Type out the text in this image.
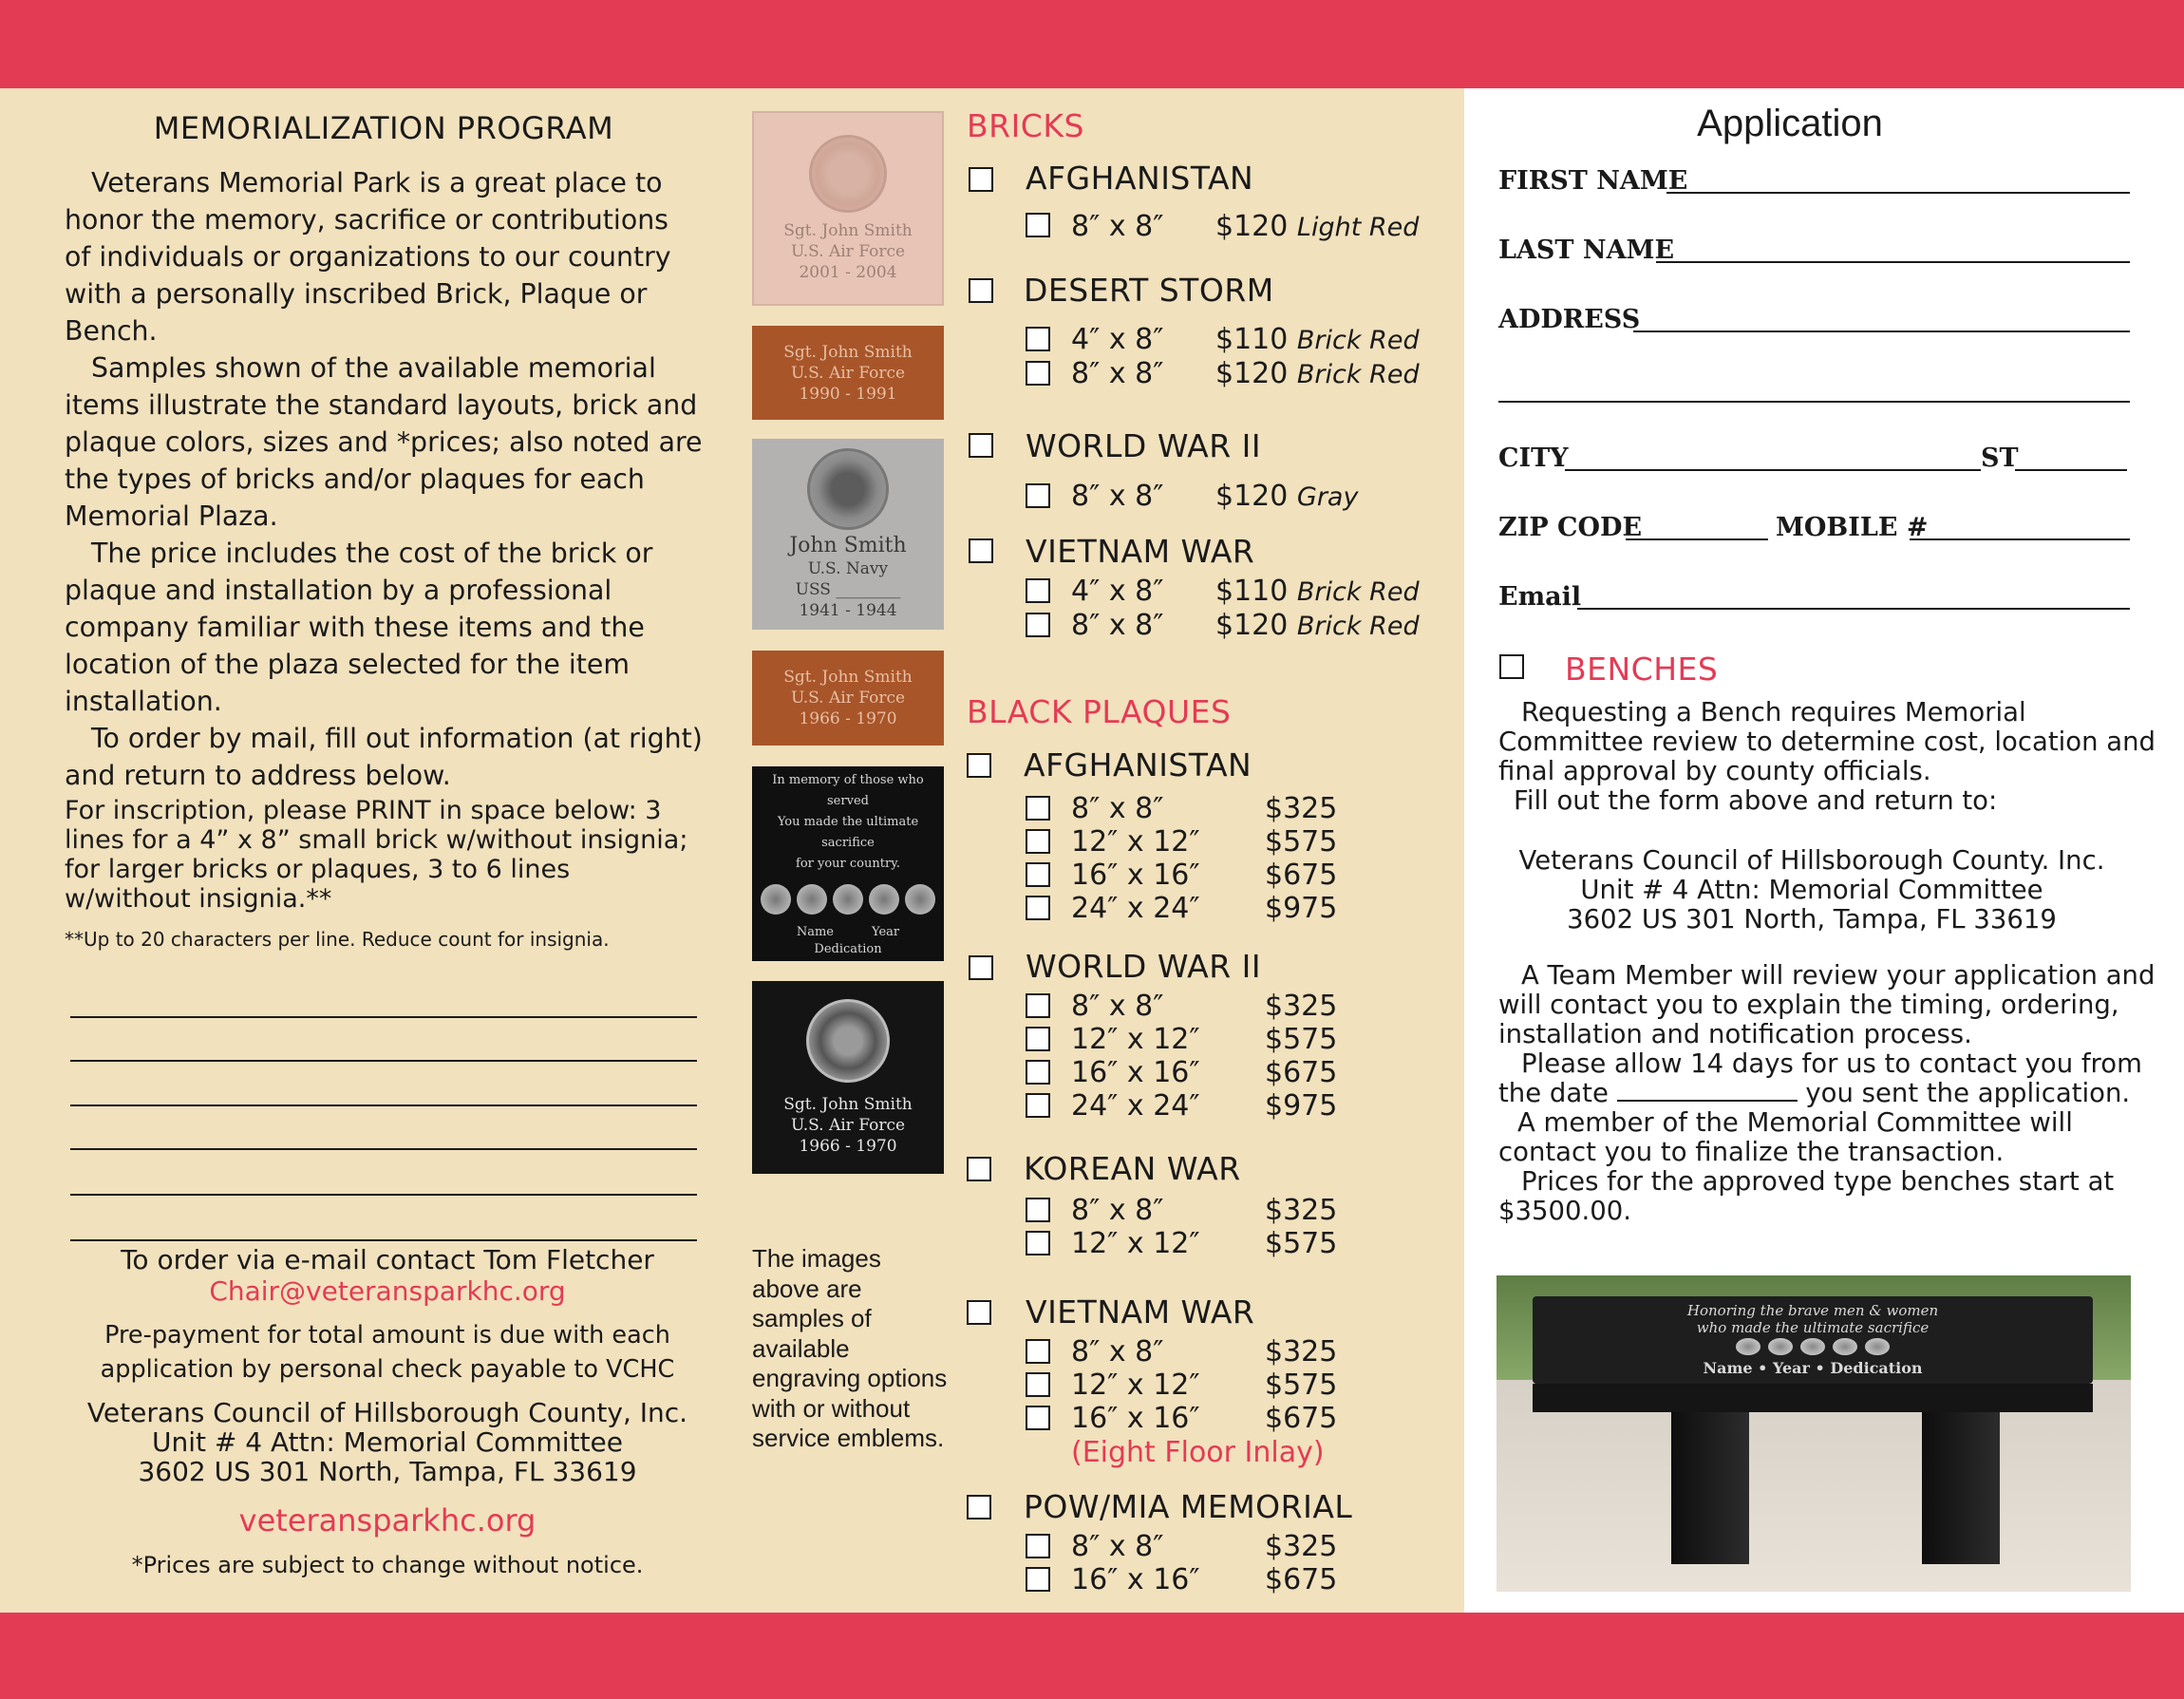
MEMORIALIZATION PROGRAM

Veterans Memorial Park is a great place to honor the memory, sacrifice or contributions of individuals or organizations to our country with a personally inscribed Brick, Plaque or Bench.

Samples shown of the available memorial items illustrate the standard layouts, brick and plaque colors, sizes and *prices; also noted are the types of bricks and/or plaques for each Memorial Plaza.

The price includes the cost of the brick or plaque and installation by a professional company familiar with these items and the location of the plaza selected for the item installation.

To order by mail, fill out information (at right) and return to address below.

For inscription, please PRINT in space below: 3 lines for a 4” x 8” small brick w/without insignia; for larger bricks or plaques, 3 to 6 lines w/without insignia.**

**Up to 20 characters per line. Reduce count for insignia.

To order via e-mail contact Tom Fletcher
Chair@veteransparkhc.org
Pre-payment for total amount is due with each application by personal check payable to VCHC
Veterans Council of Hillsborough County, Inc.
Unit # 4 Attn: Memorial Committee
3602 US 301 North, Tampa, FL 33619
veteransparkhc.org
*Prices are subject to change without notice.
Sgt. John Smith
U.S. Air Force
2001 - 2004
Sgt. John Smith
U.S. Air Force
1990 - 1991
John Smith
U.S. Navy
USS ________
1941 - 1944
Sgt. John Smith
U.S. Air Force
1966 - 1970
In memory of those who served
You made the ultimate sacrifice
for your country.
Name	Year
Dedication
Sgt. John Smith
U.S. Air Force
1966 - 1970
The images above are samples of available engraving options with or without service emblems.
BRICKS
AFGHANISTAN
8″ x 8″ $120 Light Red
DESERT STORM
4″ x 8″ $110 Brick Red
8″ x 8″ $120 Brick Red
WORLD WAR II
8″ x 8″ $120 Gray
VIETNAM WAR
4″ x 8″ $110 Brick Red
8″ x 8″ $120 Brick Red
BLACK PLAQUES
AFGHANISTAN
8″ x 8″	$325
12″ x 12″ $575
16″ x 16″ $675
24″ x 24″ $975
WORLD WAR II
8″ x 8″	$325
12″ x 12″ $575
16″ x 16″ $675
24″ x 24″ $975
KOREAN WAR
8″ x 8″	$325
12″ x 12″ $575
VIETNAM WAR
8″ x 8″	$325
12″ x 12″ $575
16″ x 16″ $675
(Eight Floor Inlay)
POW/MIA MEMORIAL
8″ x 8″	$325
16″ x 16″ $675
Application
FIRST NAME
LAST NAME
ADDRESS
CITY	ST
ZIP CODE	MOBILE #
Email
BENCHES

Requesting a Bench requires Memorial Committee review to determine cost, location and final approval by county officials.

Fill out the form above and return to:

Veterans Council of Hillsborough County. Inc.
Unit # 4 Attn: Memorial Committee
3602 US 301 North, Tampa, FL 33619

A Team Member will review your application and will contact you to explain the timing, ordering, installation and notification process.

Please allow 14 days for us to contact you from the date	you sent the application.

A member of the Memorial Committee will contact you to finalize the transaction.

Prices for the approved type benches start at $3500.00.

Honoring the brave men & women
who made the ultimate sacrifice
Name • Year • Dedication
